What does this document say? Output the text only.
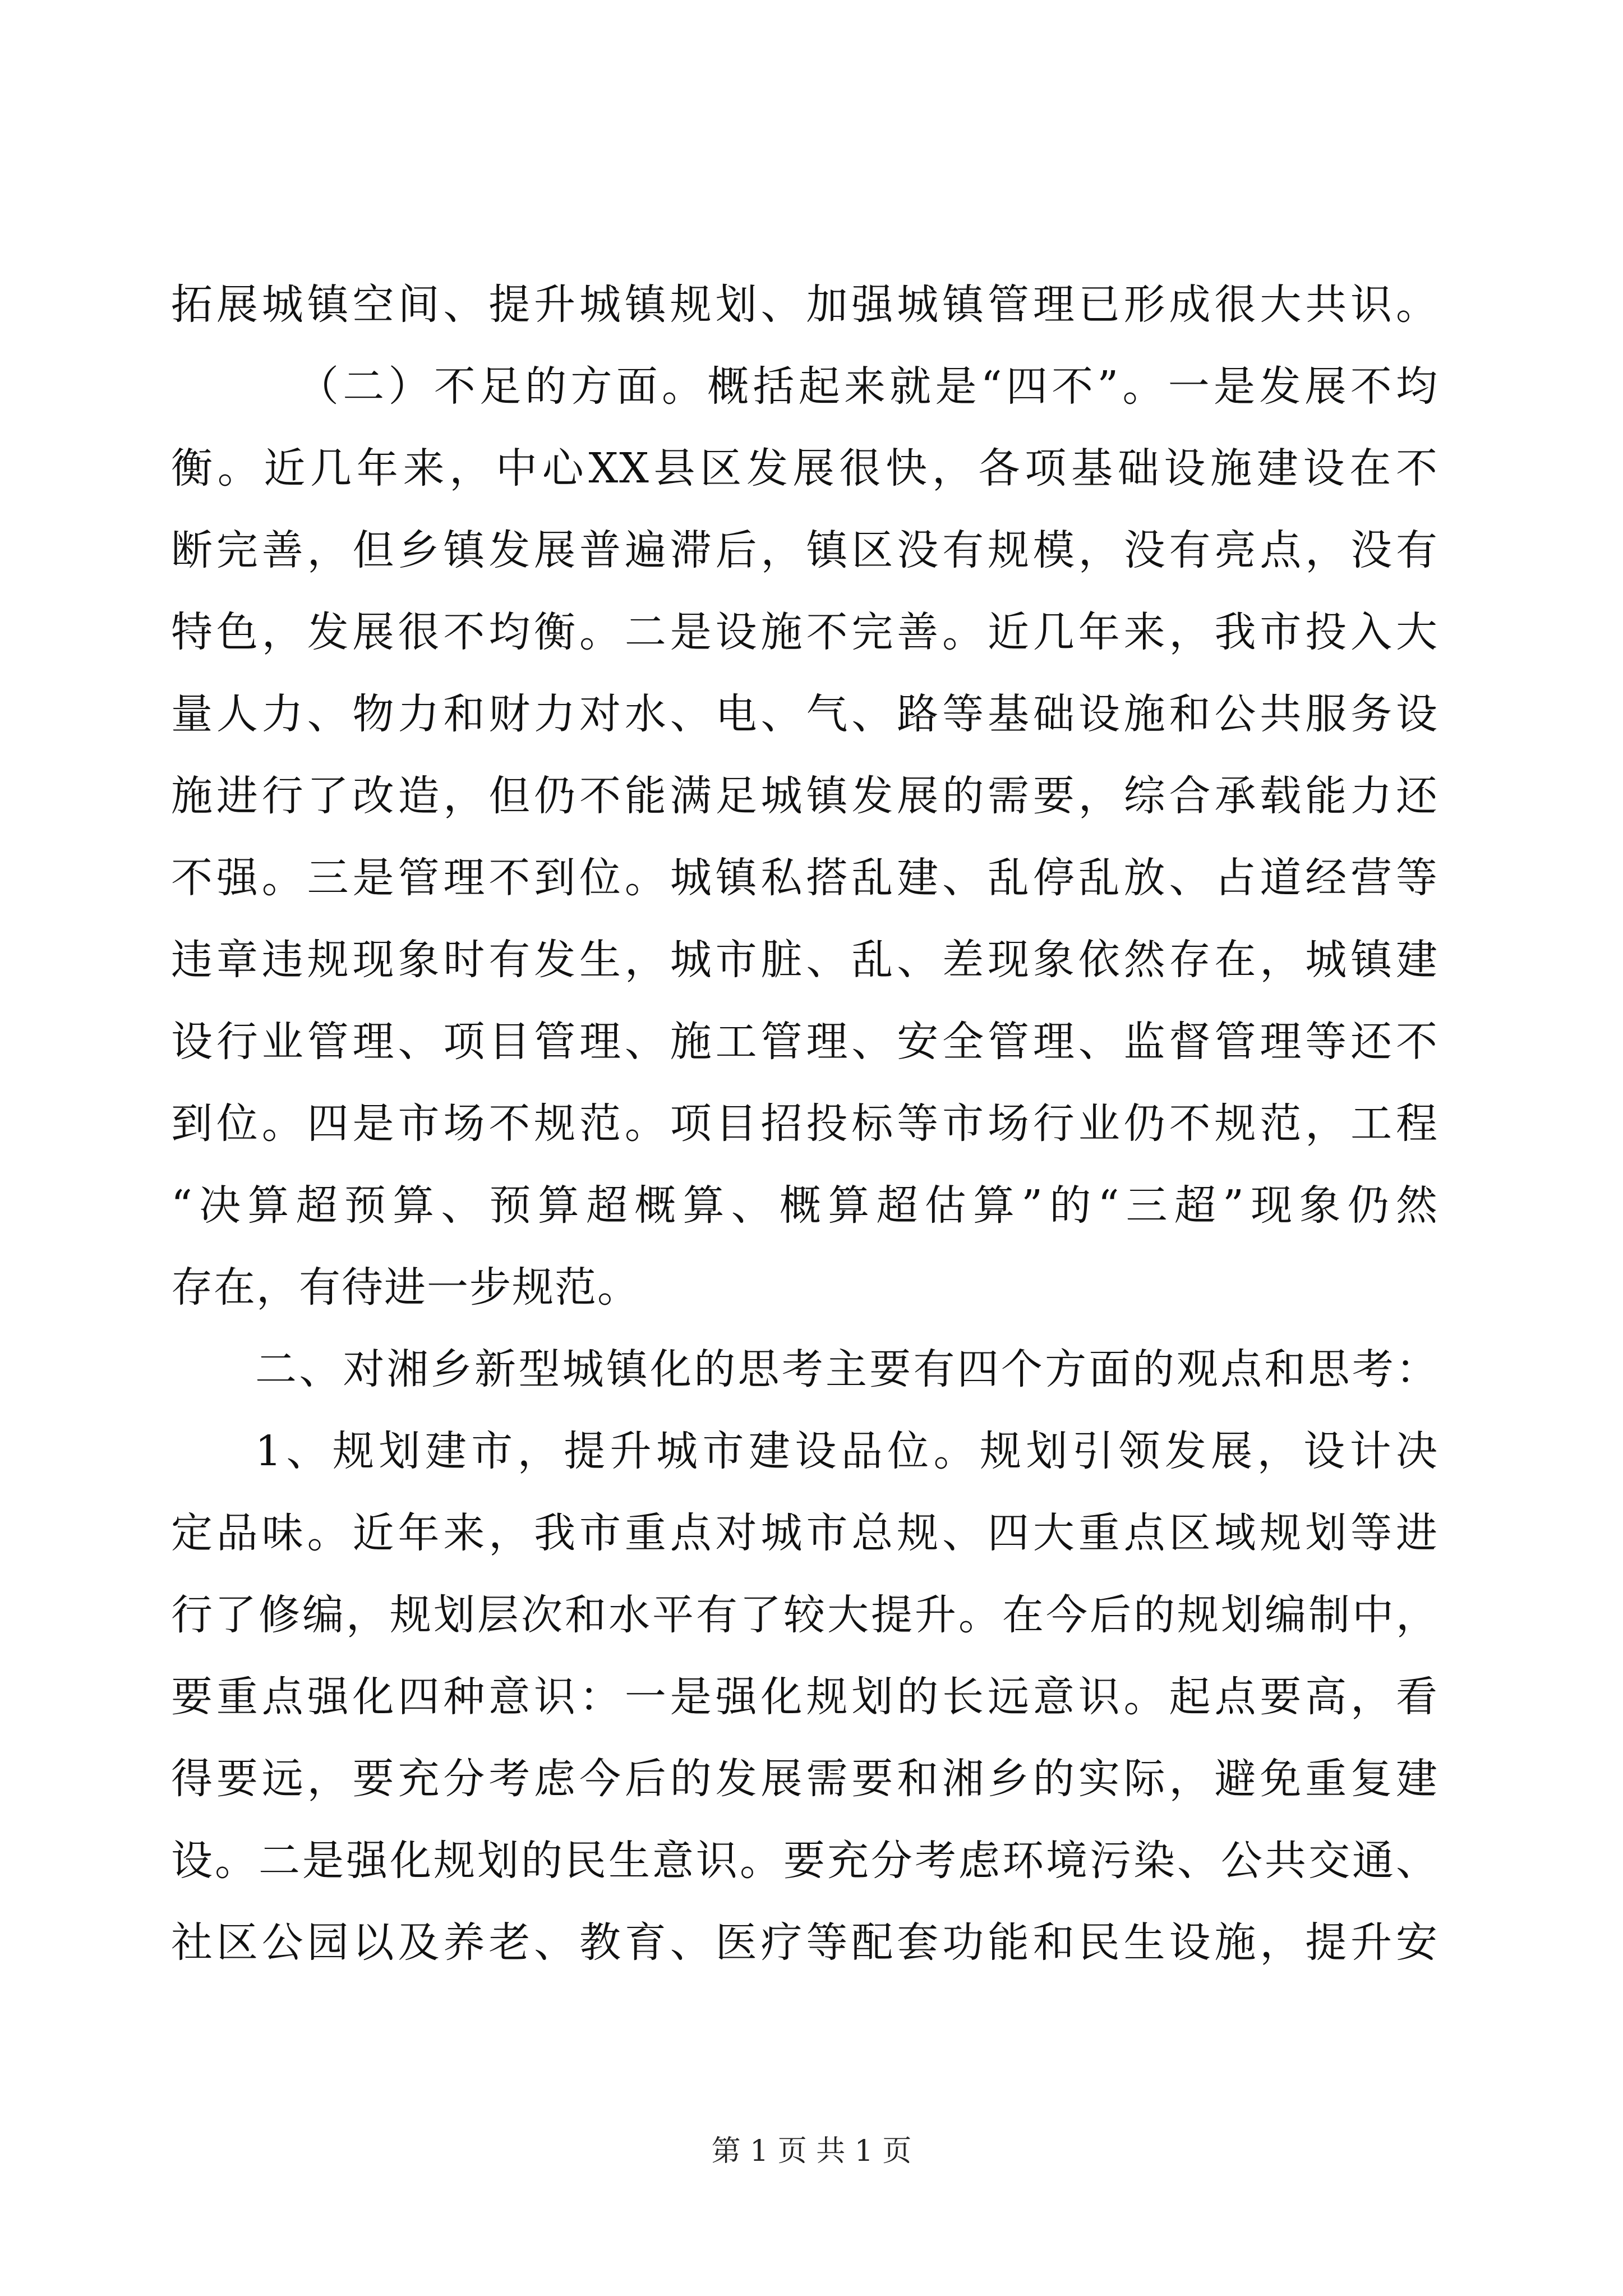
拓展城镇空间、提升城镇规划、加强城镇管理已形成很大共识。
（二）不足的方面。概括起来就是“四不”。一是发展不均
衡。近几年来，中心XX县区发展很快，各项基础设施建设在不
断完善，但乡镇发展普遍滞后，镇区没有规模，没有亮点，没有
特色，发展很不均衡。二是设施不完善。近几年来，我市投入大
量人力、物力和财力对水、电、气、路等基础设施和公共服务设
施进行了改造，但仍不能满足城镇发展的需要，综合承载能力还
不强。三是管理不到位。城镇私搭乱建、乱停乱放、占道经营等
违章违规现象时有发生，城市脏、乱、差现象依然存在，城镇建
设行业管理、项目管理、施工管理、安全管理、监督管理等还不
到位。四是市场不规范。项目招投标等市场行业仍不规范，工程
“决算超预算、预算超概算、概算超估算”的“三超”现象仍然
存在，有待进一步规范。
二、对湘乡新型城镇化的思考主要有四个方面的观点和思考：
1、规划建市，提升城市建设品位。规划引领发展，设计决
定品味。近年来，我市重点对城市总规、四大重点区域规划等进
行了修编，规划层次和水平有了较大提升。在今后的规划编制中，
要重点强化四种意识：一是强化规划的长远意识。起点要高，看
得要远，要充分考虑今后的发展需要和湘乡的实际，避免重复建
设。二是强化规划的民生意识。要充分考虑环境污染、公共交通、
社区公园以及养老、教育、医疗等配套功能和民生设施，提升安
第 1 页 共 1 页
